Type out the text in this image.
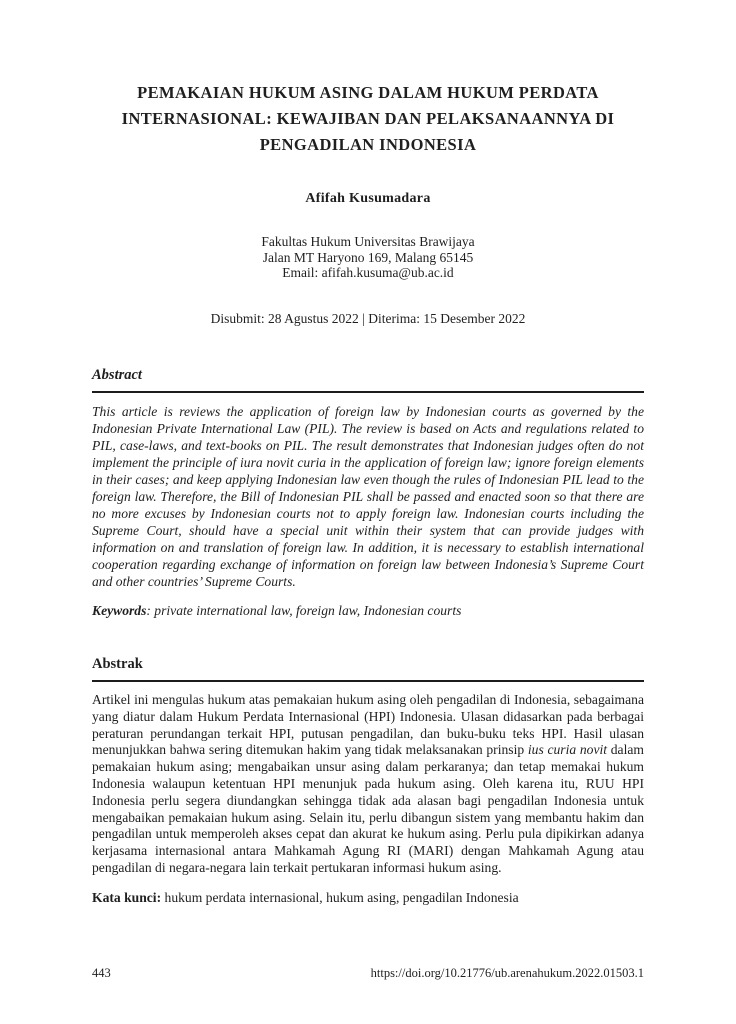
PEMAKAIAN HUKUM ASING DALAM HUKUM PERDATA INTERNASIONAL: KEWAJIBAN DAN PELAKSANAANNYA DI PENGADILAN INDONESIA
Afifah Kusumadara
Fakultas Hukum Universitas Brawijaya
Jalan MT Haryono 169, Malang 65145
Email: afifah.kusuma@ub.ac.id
Disubmit: 28 Agustus 2022 | Diterima: 15 Desember 2022
Abstract

This article is reviews the application of foreign law by Indonesian courts as governed by the Indonesian Private International Law (PIL). The review is based on Acts and regulations related to PIL, case-laws, and text-books on PIL. The result demonstrates that Indonesian judges often do not implement the principle of iura novit curia in the application of foreign law; ignore foreign elements in their cases; and keep applying Indonesian law even though the rules of Indonesian PIL lead to the foreign law. Therefore, the Bill of Indonesian PIL shall be passed and enacted soon so that there are no more excuses by Indonesian courts not to apply foreign law. Indonesian courts including the Supreme Court, should have a special unit within their system that can provide judges with information on and translation of foreign law. In addition, it is necessary to establish international cooperation regarding exchange of information on foreign law between Indonesia’s Supreme Court and other countries’ Supreme Courts.

Keywords: private international law, foreign law, Indonesian courts

Abstrak

Artikel ini mengulas hukum atas pemakaian hukum asing oleh pengadilan di Indonesia, sebagaimana yang diatur dalam Hukum Perdata Internasional (HPI) Indonesia. Ulasan didasarkan pada berbagai peraturan perundangan terkait HPI, putusan pengadilan, dan buku-buku teks HPI. Hasil ulasan menunjukkan bahwa sering ditemukan hakim yang tidak melaksanakan prinsip ius curia novit dalam pemakaian hukum asing; mengabaikan unsur asing dalam perkaranya; dan tetap memakai hukum Indonesia walaupun ketentuan HPI menunjuk pada hukum asing. Oleh karena itu, RUU HPI Indonesia perlu segera diundangkan sehingga tidak ada alasan bagi pengadilan Indonesia untuk mengabaikan pemakaian hukum asing. Selain itu, perlu dibangun sistem yang membantu hakim dan pengadilan untuk memperoleh akses cepat dan akurat ke hukum asing. Perlu pula dipikirkan adanya kerjasama internasional antara Mahkamah Agung RI (MARI) dengan Mahkamah Agung atau pengadilan di negara-negara lain terkait pertukaran informasi hukum asing.

Kata kunci: hukum perdata internasional, hukum asing, pengadilan Indonesia

443	https://doi.org/10.21776/ub.arenahukum.2022.01503.1
